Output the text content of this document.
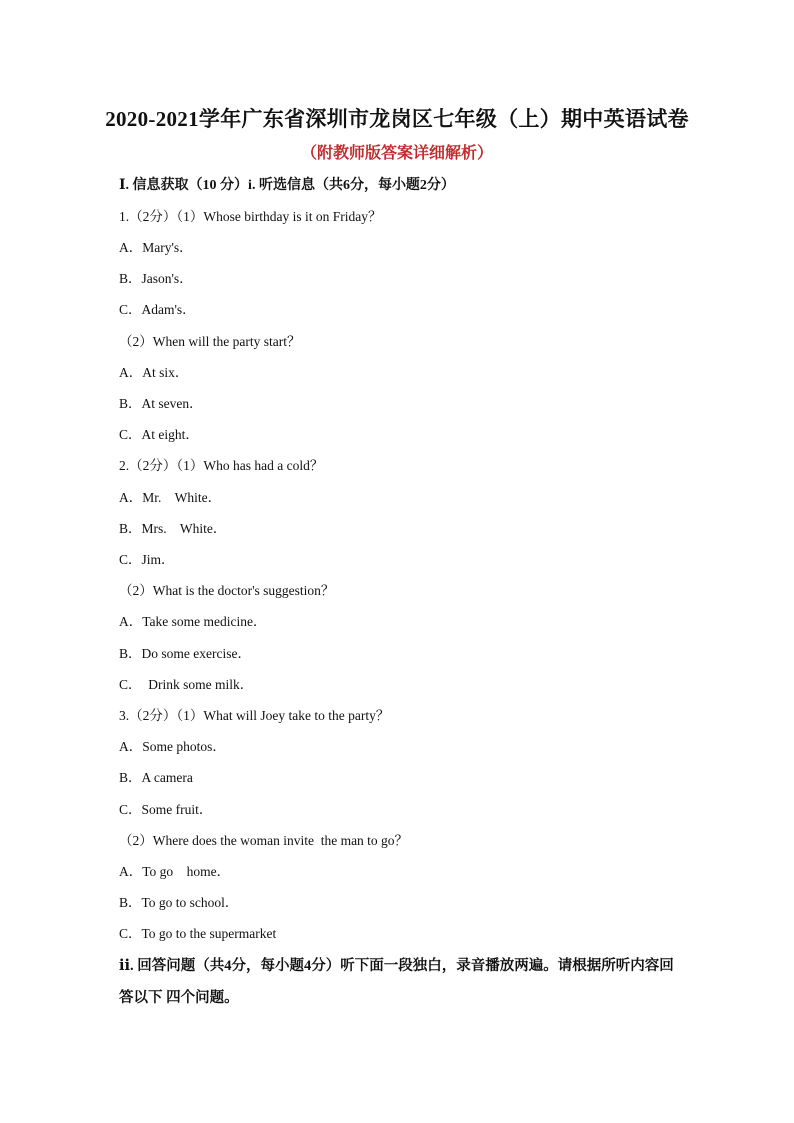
2020-2021学年广东省深圳市龙岗区七年级（上）期中英语试卷
（附教师版答案详细解析）
Ⅰ. 信息获取（10 分）i. 听选信息（共6分，每小题2分）
1.（2分）（1）Whose birthday is it on Friday？
A．Mary's．
B．Jason's．
C．Adam's．
（2）When will the party start？
A．At six．
B．At seven．
C．At eight．
2.（2分）（1）Who has had a cold？
A．Mr.    White．
B．Mrs.    White．
C．Jim．
（2）What is the doctor's suggestion？
A．Take some medicine．
B．Do some exercise．
C．  Drink some milk．
3.（2分）（1）What will Joey take to the party？
A．Some photos．
B．A camera
C．Some fruit．
（2）Where does the woman invite  the man to go？
A．To go    home．
B．To go to school．
C．To go to the supermarket
ⅱ. 回答问题（共4分，每小题4分）听下面一段独白，录音播放两遍。请根据所听内容回答以下 四个问题。
